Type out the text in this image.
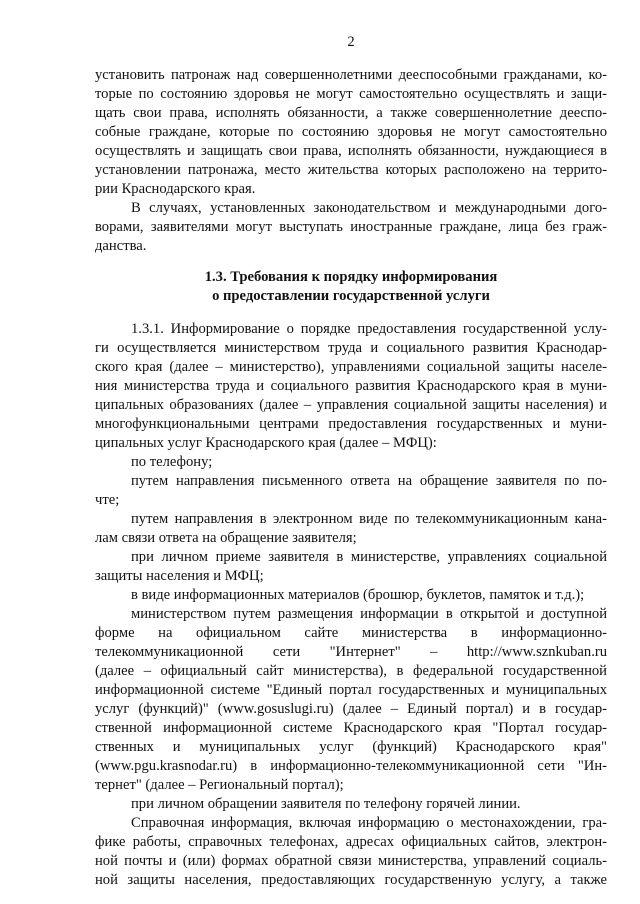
2
установить патронаж над совершеннолетними дееспособными гражданами, ко-
торые по состоянию здоровья не могут самостоятельно осуществлять и защи-
щать свои права, исполнять обязанности, а также совершеннолетние дееспо-
собные граждане, которые по состоянию здоровья не могут самостоятельно
осуществлять и защищать свои права, исполнять обязанности, нуждающиеся в
установлении патронажа, место жительства которых расположено на террито-
рии Краснодарского края.
В случаях, установленных законодательством и международными дого-
ворами, заявителями могут выступать иностранные граждане, лица без граж-
данства.
1.3. Требования к порядку информирования
о предоставлении государственной услуги
1.3.1. Информирование о порядке предоставления государственной услу-
ги осуществляется министерством труда и социального развития Краснодар-
ского края (далее – министерство), управлениями социальной защиты населе-
ния министерства труда и социального развития Краснодарского края в муни-
ципальных образованиях (далее – управления социальной защиты населения) и
многофункциональными центрами предоставления государственных и муни-
ципальных услуг Краснодарского края (далее – МФЦ):
по телефону;
путем направления письменного ответа на обращение заявителя по по-
чте;
путем направления в электронном виде по телекоммуникационным кана-
лам связи ответа на обращение заявителя;
при личном приеме заявителя в министерстве, управлениях социальной
защиты населения и МФЦ;
в виде информационных материалов (брошюр, буклетов, памяток и т.д.);
министерством путем размещения информации в открытой и доступной
форме на официальном сайте министерства в информационно-
телекоммуникационной сети "Интернет" – http://www.sznkuban.ru
(далее – официальный сайт министерства), в федеральной государственной
информационной системе "Единый портал государственных и муниципальных
услуг (функций)" (www.gosuslugi.ru) (далее – Единый портал) и в государ-
ственной информационной системе Краснодарского края "Портал государ-
ственных и муниципальных услуг (функций) Краснодарского края"
(www.pgu.krasnodar.ru) в информационно-телекоммуникационной сети "Ин-
тернет" (далее – Региональный портал);
при личном обращении заявителя по телефону горячей линии.
Справочная информация, включая информацию о местонахождении, гра-
фике работы, справочных телефонах, адресах официальных сайтов, электрон-
ной почты и (или) формах обратной связи министерства, управлений социаль-
ной защиты населения, предоставляющих государственную услугу, а также
